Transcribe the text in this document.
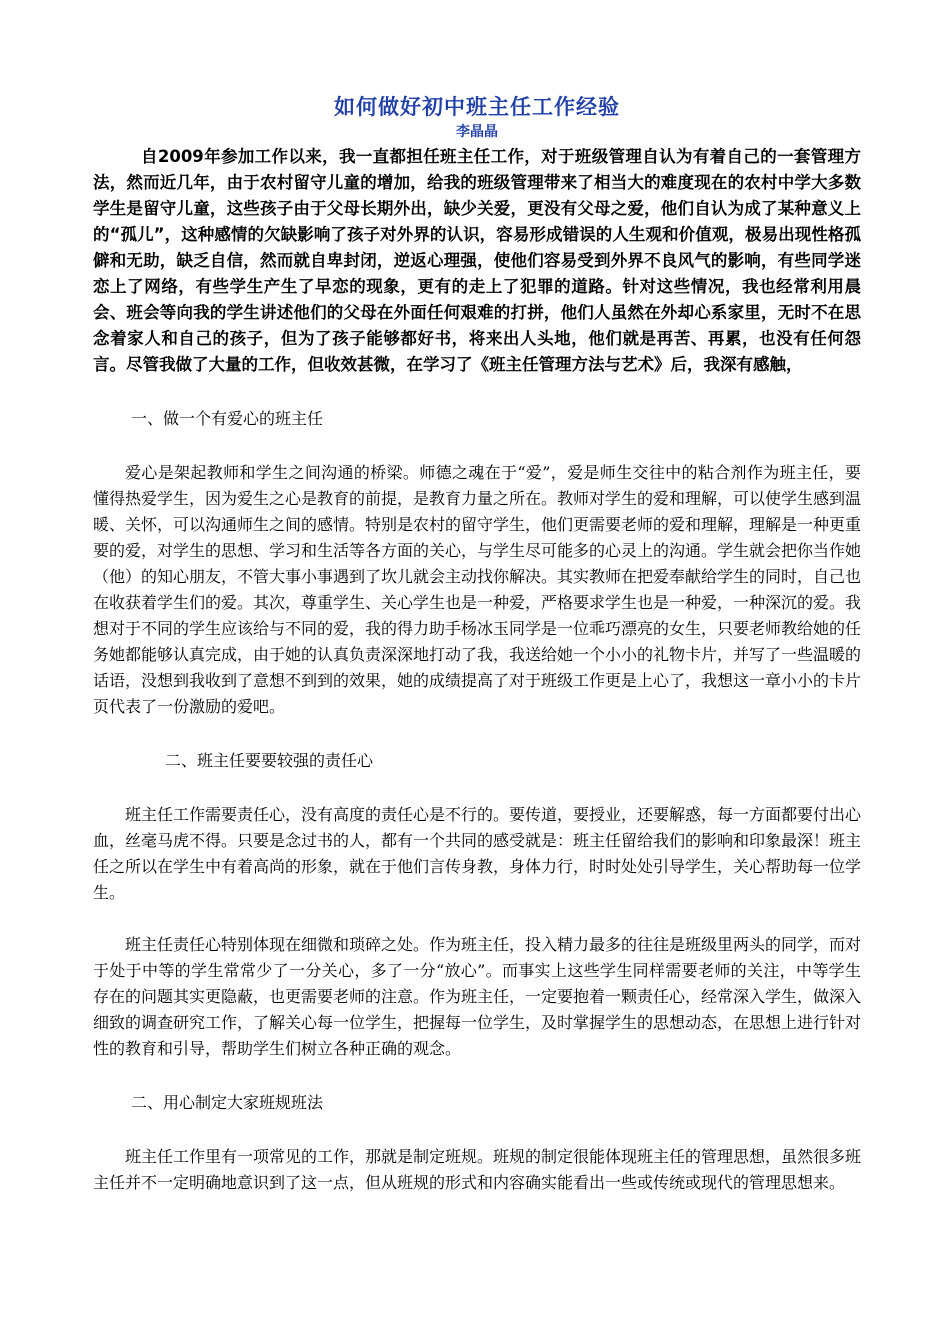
如何做好初中班主任工作经验

李晶晶

自2009年参加工作以来，我一直都担任班主任工作，对于班级管理自认为有着自己的一套管理方法，然而近几年，由于农村留守儿童的增加，给我的班级管理带来了相当大的难度现在的农村中学大多数学生是留守儿童，这些孩子由于父母长期外出，缺少关爱，更没有父母之爱，他们自认为成了某种意义上的“孤儿”，这种感情的欠缺影响了孩子对外界的认识，容易形成错误的人生观和价值观，极易出现性格孤僻和无助，缺乏自信，然而就自卑封闭，逆返心理强，使他们容易受到外界不良风气的影响，有些同学迷恋上了网络，有些学生产生了早恋的现象，更有的走上了犯罪的道路。针对这些情况，我也经常利用晨会、班会等向我的学生讲述他们的父母在外面任何艰难的打拼，他们人虽然在外却心系家里，无时不在思念着家人和自己的孩子，但为了孩子能够都好书，将来出人头地，他们就是再苦、再累，也没有任何怨言。尽管我做了大量的工作，但收效甚微，在学习了《班主任管理方法与艺术》后，我深有感触，

一、做一个有爱心的班主任

爱心是架起教师和学生之间沟通的桥梁。师德之魂在于“爱”，爱是师生交往中的粘合剂作为班主任，要懂得热爱学生，因为爱生之心是教育的前提，是教育力量之所在。教师对学生的爱和理解，可以使学生感到温暖、关怀，可以沟通师生之间的感情。特别是农村的留守学生，他们更需要老师的爱和理解，理解是一种更重要的爱，对学生的思想、学习和生活等各方面的关心，与学生尽可能多的心灵上的沟通。学生就会把你当作她（他）的知心朋友，不管大事小事遇到了坎儿就会主动找你解决。其实教师在把爱奉献给学生的同时，自己也在收获着学生们的爱。其次，尊重学生、关心学生也是一种爱，严格要求学生也是一种爱，一种深沉的爱。我想对于不同的学生应该给与不同的爱，我的得力助手杨冰玉同学是一位乖巧漂亮的女生，只要老师教给她的任务她都能够认真完成，由于她的认真负责深深地打动了我，我送给她一个小小的礼物卡片，并写了一些温暖的话语，没想到我收到了意想不到到的效果，她的成绩提高了对于班级工作更是上心了，我想这一章小小的卡片页代表了一份激励的爱吧。

二、班主任要要较强的责任心

班主任工作需要责任心，没有高度的责任心是不行的。要传道，要授业，还要解惑，每一方面都要付出心血，丝毫马虎不得。只要是念过书的人，都有一个共同的感受就是：班主任留给我们的影响和印象最深！班主任之所以在学生中有着高尚的形象，就在于他们言传身教，身体力行，时时处处引导学生，关心帮助每一位学生。

班主任责任心特别体现在细微和琐碎之处。作为班主任，投入精力最多的往往是班级里两头的同学，而对于处于中等的学生常常少了一分关心，多了一分“放心”。而事实上这些学生同样需要老师的关注，中等学生存在的问题其实更隐蔽，也更需要老师的注意。作为班主任，一定要抱着一颗责任心，经常深入学生，做深入细致的调查研究工作，了解关心每一位学生，把握每一位学生，及时掌握学生的思想动态，在思想上进行针对性的教育和引导，帮助学生们树立各种正确的观念。

二、用心制定大家班规班法

班主任工作里有一项常见的工作，那就是制定班规。班规的制定很能体现班主任的管理思想，虽然很多班主任并不一定明确地意识到了这一点，但从班规的形式和内容确实能看出一些或传统或现代的管理思想来。
